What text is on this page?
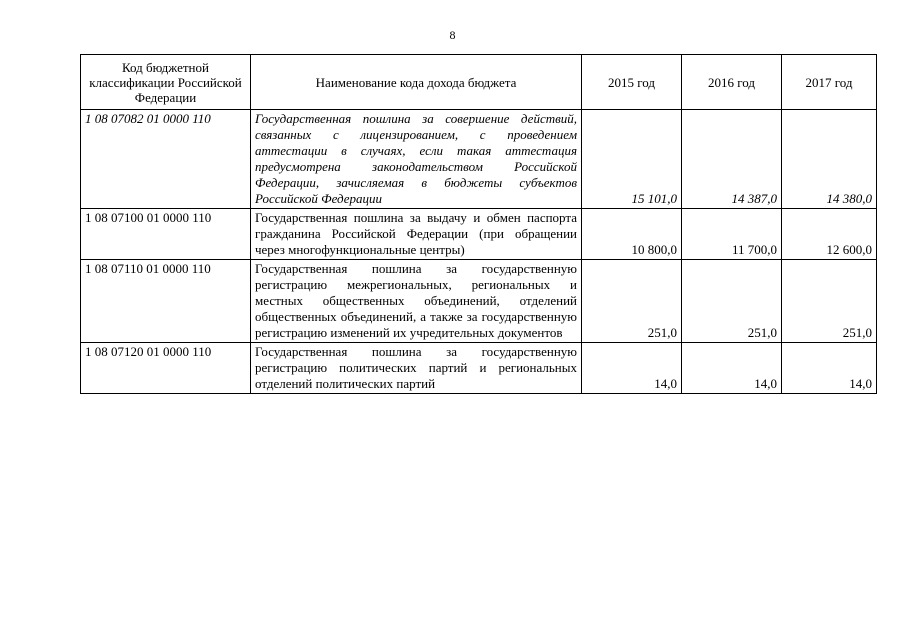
8
Код бюджетной классификации Российской Федерации	Наименование кода дохода бюджета	2015 год	2016 год	2017 год
1 08 07082 01 0000 110	Государственная пошлина за совершение действий, связанных с лицензированием, с проведением аттестации в случаях, если такая аттестация предусмотрена законодательством Российской Федерации, зачисляемая в бюджеты субъектов Российской Федерации	15 101,0	14 387,0	14 380,0
1 08 07100 01 0000 110	Государственная пошлина за выдачу и обмен паспорта гражданина Российской Федерации (при обращении через многофункциональные центры)	10 800,0	11 700,0	12 600,0
1 08 07110 01 0000 110	Государственная пошлина за государственную регистрацию межрегиональных, региональных и местных общественных объединений, отделений общественных объединений, а также за государственную регистрацию изменений их учредительных документов	251,0	251,0	251,0
1 08 07120 01 0000 110	Государственная пошлина за государственную регистрацию политических партий и региональных отделений политических партий	14,0	14,0	14,0
